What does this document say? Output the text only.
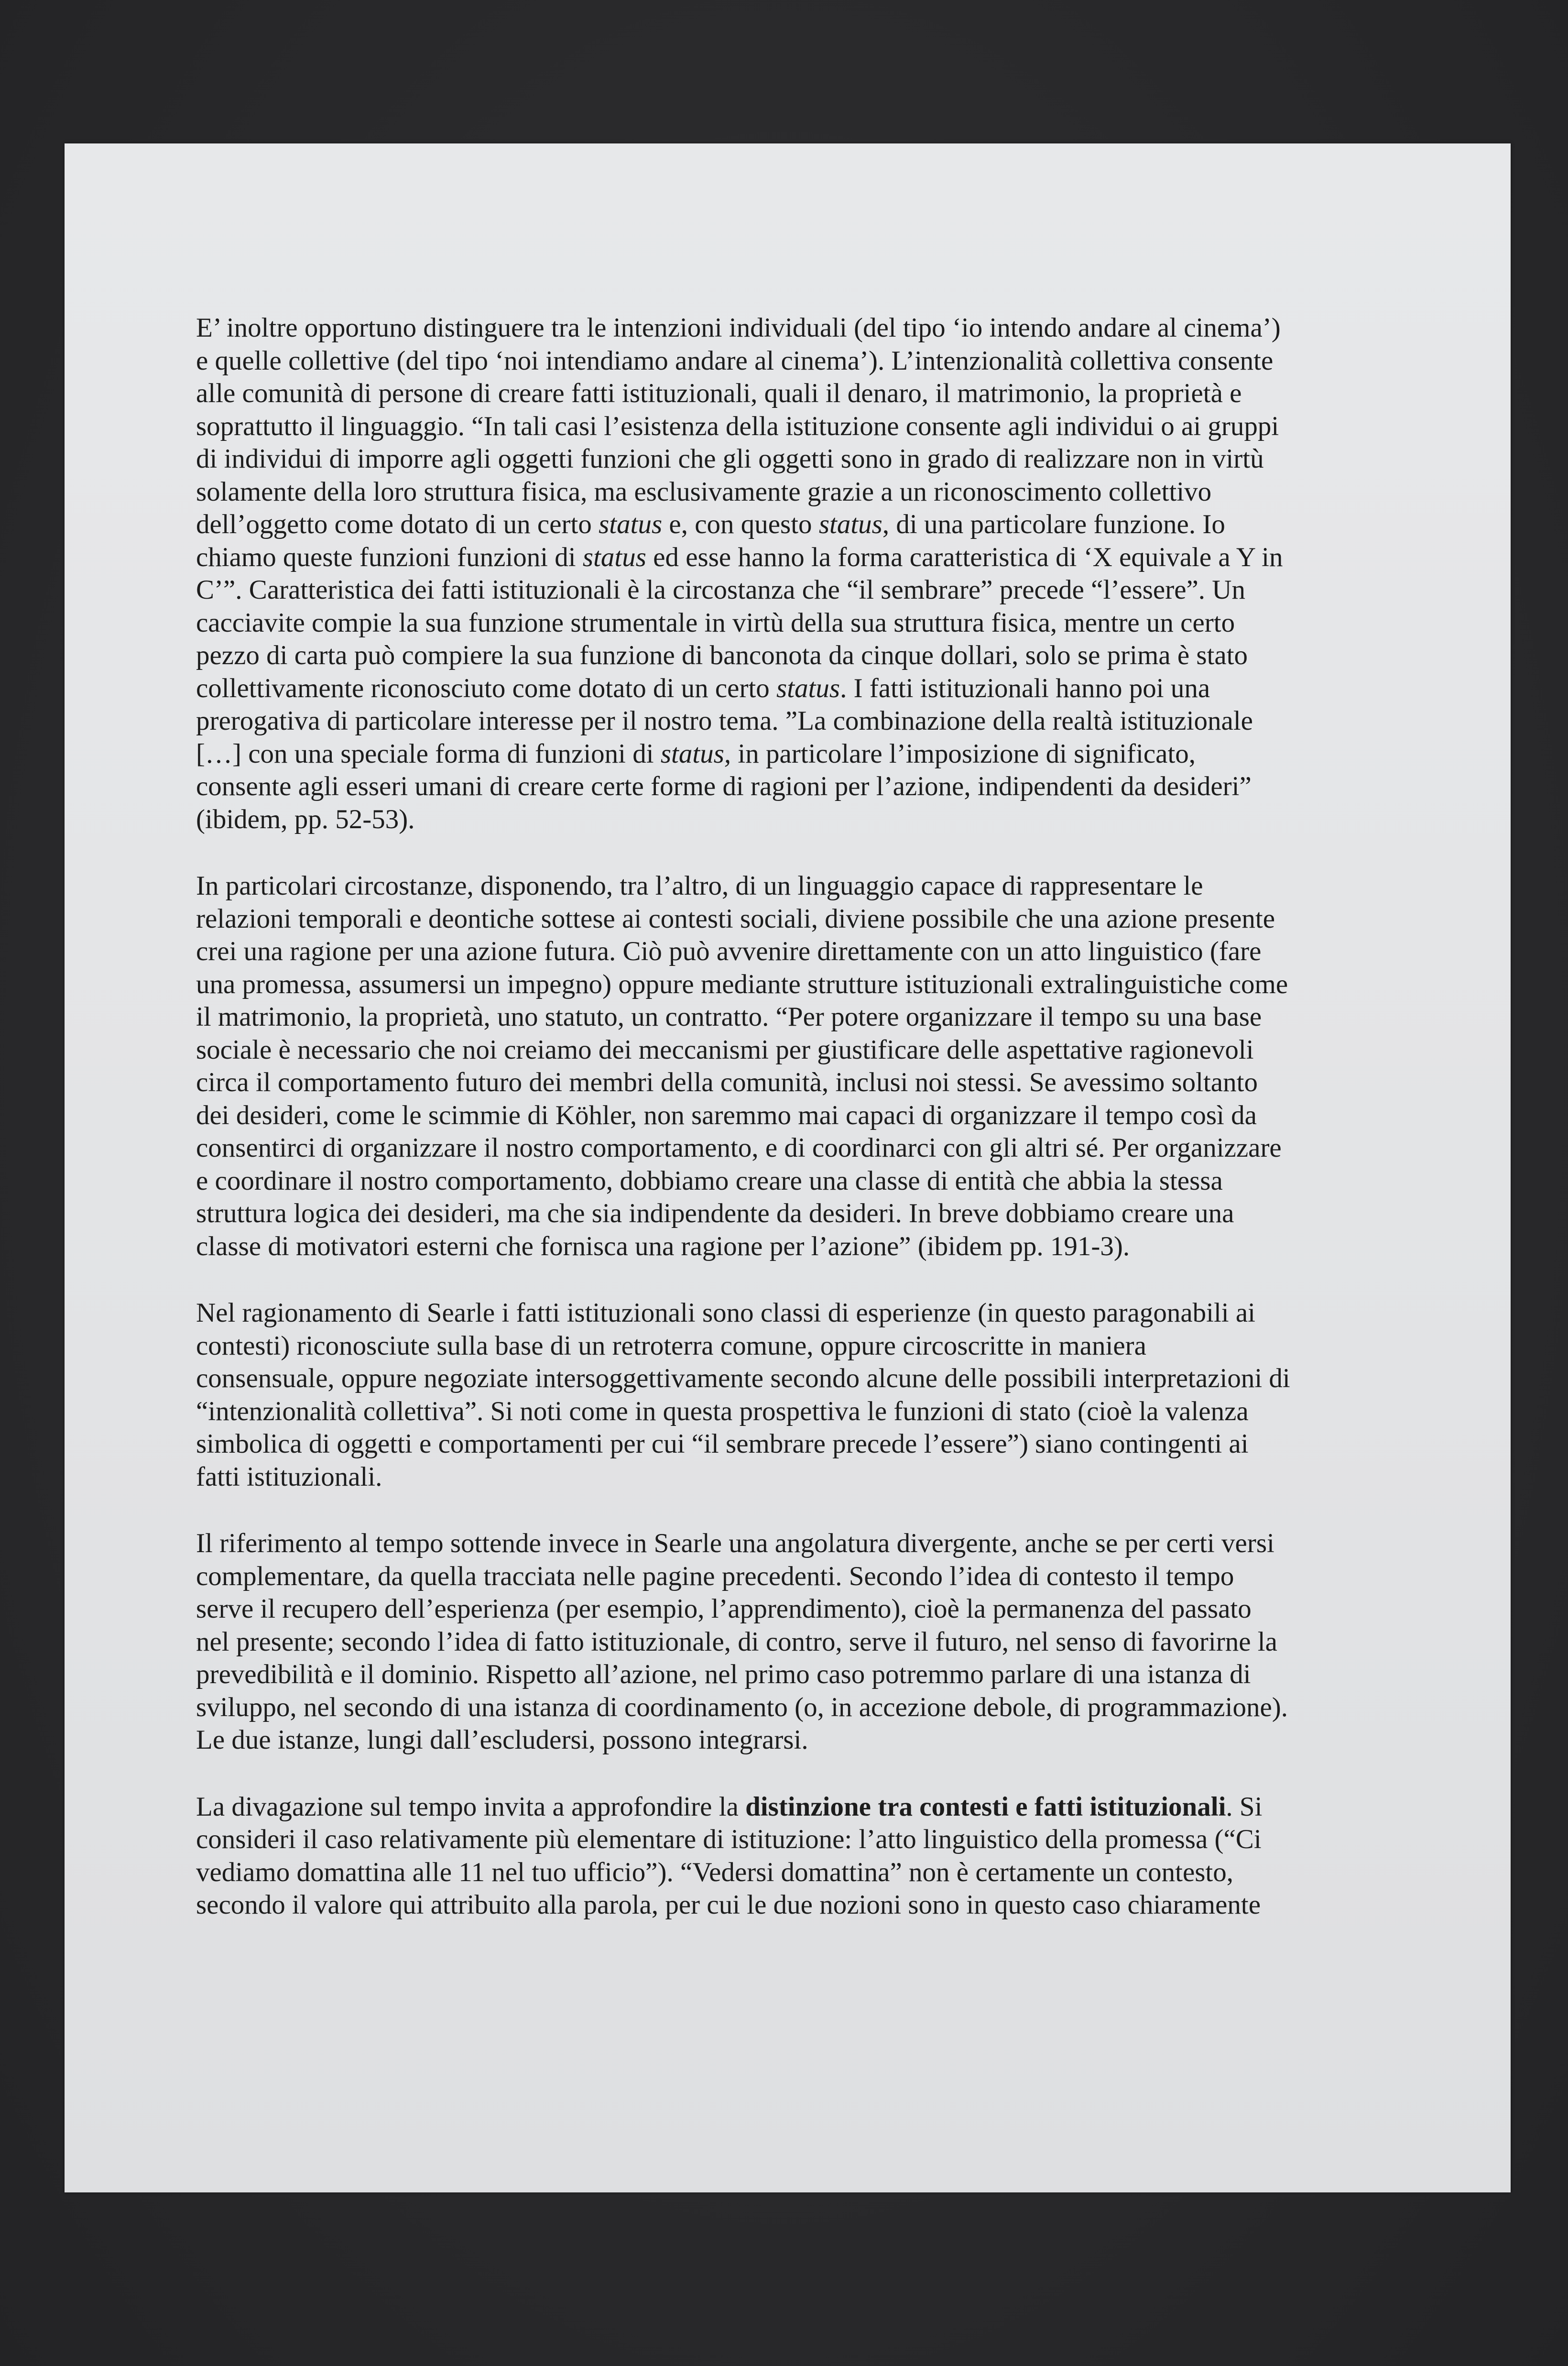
E’ inoltre opportuno distinguere tra le intenzioni individuali (del tipo ‘io intendo andare al cinema’)
e quelle collettive (del tipo ‘noi intendiamo andare al cinema’). L’intenzionalità collettiva consente
alle comunità di persone di creare fatti istituzionali, quali il denaro, il matrimonio, la proprietà e
soprattutto il linguaggio. “In tali casi l’esistenza della istituzione consente agli individui o ai gruppi
di individui di imporre agli oggetti funzioni che gli oggetti sono in grado di realizzare non in virtù
solamente della loro struttura fisica, ma esclusivamente grazie a un riconoscimento collettivo
dell’oggetto come dotato di un certo status e, con questo status, di una particolare funzione. Io
chiamo queste funzioni funzioni di status ed esse hanno la forma caratteristica di ‘X equivale a Y in
C’”. Caratteristica dei fatti istituzionali è la circostanza che “il sembrare” precede “l’essere”. Un
cacciavite compie la sua funzione strumentale in virtù della sua struttura fisica, mentre un certo
pezzo di carta può compiere la sua funzione di banconota da cinque dollari, solo se prima è stato
collettivamente riconosciuto come dotato di un certo status. I fatti istituzionali hanno poi una
prerogativa di particolare interesse per il nostro tema. ”La combinazione della realtà istituzionale
[…] con una speciale forma di funzioni di status, in particolare l’imposizione di significato,
consente agli esseri umani di creare certe forme di ragioni per l’azione, indipendenti da desideri”
(ibidem, pp. 52-53).
In particolari circostanze, disponendo, tra l’altro, di un linguaggio capace di rappresentare le
relazioni temporali e deontiche sottese ai contesti sociali, diviene possibile che una azione presente
crei una ragione per una azione futura. Ciò può avvenire direttamente con un atto linguistico (fare
una promessa, assumersi un impegno) oppure mediante strutture istituzionali extralinguistiche come
il matrimonio, la proprietà, uno statuto, un contratto. “Per potere organizzare il tempo su una base
sociale è necessario che noi creiamo dei meccanismi per giustificare delle aspettative ragionevoli
circa il comportamento futuro dei membri della comunità, inclusi noi stessi. Se avessimo soltanto
dei desideri, come le scimmie di Köhler, non saremmo mai capaci di organizzare il tempo così da
consentirci di organizzare il nostro comportamento, e di coordinarci con gli altri sé. Per organizzare
e coordinare il nostro comportamento, dobbiamo creare una classe di entità che abbia la stessa
struttura logica dei desideri, ma che sia indipendente da desideri. In breve dobbiamo creare una
classe di motivatori esterni che fornisca una ragione per l’azione” (ibidem pp. 191-3).
Nel ragionamento di Searle i fatti istituzionali sono classi di esperienze (in questo paragonabili ai
contesti) riconosciute sulla base di un retroterra comune, oppure circoscritte in maniera
consensuale, oppure negoziate intersoggettivamente secondo alcune delle possibili interpretazioni di
“intenzionalità collettiva”. Si noti come in questa prospettiva le funzioni di stato (cioè la valenza
simbolica di oggetti e comportamenti per cui “il sembrare precede l’essere”) siano contingenti ai
fatti istituzionali.
Il riferimento al tempo sottende invece in Searle una angolatura divergente, anche se per certi versi
complementare, da quella tracciata nelle pagine precedenti. Secondo l’idea di contesto il tempo
serve il recupero dell’esperienza (per esempio, l’apprendimento), cioè la permanenza del passato
nel presente; secondo l’idea di fatto istituzionale, di contro, serve il futuro, nel senso di favorirne la
prevedibilità e il dominio. Rispetto all’azione, nel primo caso potremmo parlare di una istanza di
sviluppo, nel secondo di una istanza di coordinamento (o, in accezione debole, di programmazione).
Le due istanze, lungi dall’escludersi, possono integrarsi.
La divagazione sul tempo invita a approfondire la distinzione tra contesti e fatti istituzionali. Si
consideri il caso relativamente più elementare di istituzione: l’atto linguistico della promessa (“Ci
vediamo domattina alle 11 nel tuo ufficio”). “Vedersi domattina” non è certamente un contesto,
secondo il valore qui attribuito alla parola, per cui le due nozioni sono in questo caso chiaramente
